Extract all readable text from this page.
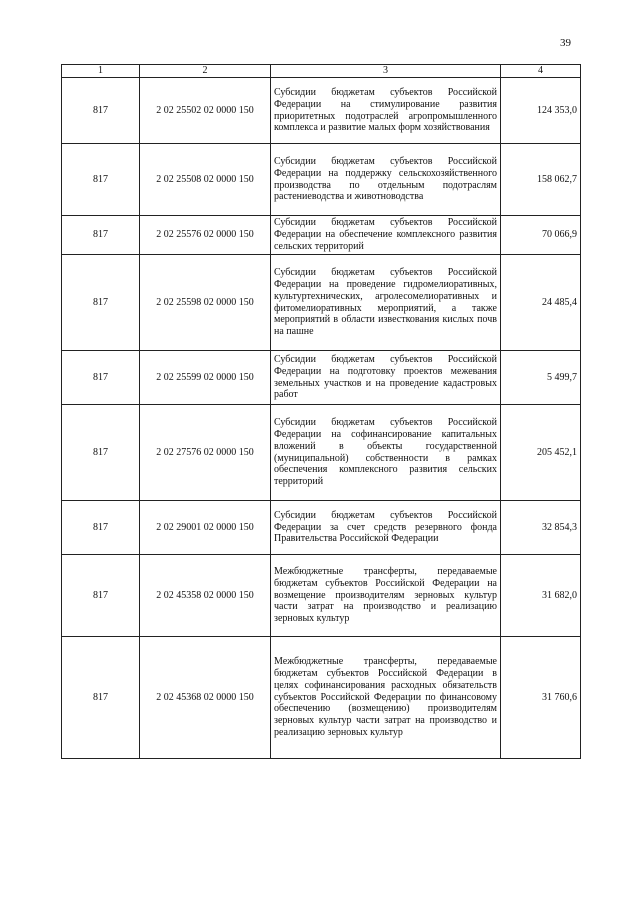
39
1	2	3	4
817	2 02 25502 02 0000 150	Субсидии бюджетам субъектов Российской Федерации на стимулирование развития приоритетных подотраслей агропромышленного комплекса и развитие малых форм хозяйствования	124 353,0
817	2 02 25508 02 0000 150	Субсидии бюджетам субъектов Российской Федерации на поддержку сельскохозяйственного производства по отдельным подотраслям растениеводства и животноводства	158 062,7
817	2 02 25576 02 0000 150	Субсидии бюджетам субъектов Российской Федерации на обеспечение комплексного развития сельских территорий	70 066,9
817	2 02 25598 02 0000 150	Субсидии бюджетам субъектов Российской Федерации на проведение гидромелиоративных, культуртехнических, агролесомелиоративных и фитомелиоративных мероприятий, а также мероприятий в области известкования кислых почв на пашне	24 485,4
817	2 02 25599 02 0000 150	Субсидии бюджетам субъектов Российской Федерации на подготовку проектов межевания земельных участков и на проведение кадастровых работ	5 499,7
817	2 02 27576 02 0000 150	Субсидии бюджетам субъектов Российской Федерации на софинансирование капитальных вложений в объекты государственной (муниципальной) собственности в рамках обеспечения комплексного развития сельских территорий	205 452,1
817	2 02 29001 02 0000 150	Субсидии бюджетам субъектов Российской Федерации за счет средств резервного фонда Правительства Российской Федерации	32 854,3
817	2 02 45358 02 0000 150	Межбюджетные трансферты, передаваемые бюджетам субъектов Российской Федерации на возмещение производителям зерновых культур части затрат на производство и реализацию зерновых культур	31 682,0
817	2 02 45368 02 0000 150	Межбюджетные трансферты, передаваемые бюджетам субъектов Российской Федерации в целях софинансирования расходных обязательств субъектов Российской Федерации по финансовому обеспечению (возмещению) производителям зерновых культур части затрат на производство и реализацию зерновых культур	31 760,6
